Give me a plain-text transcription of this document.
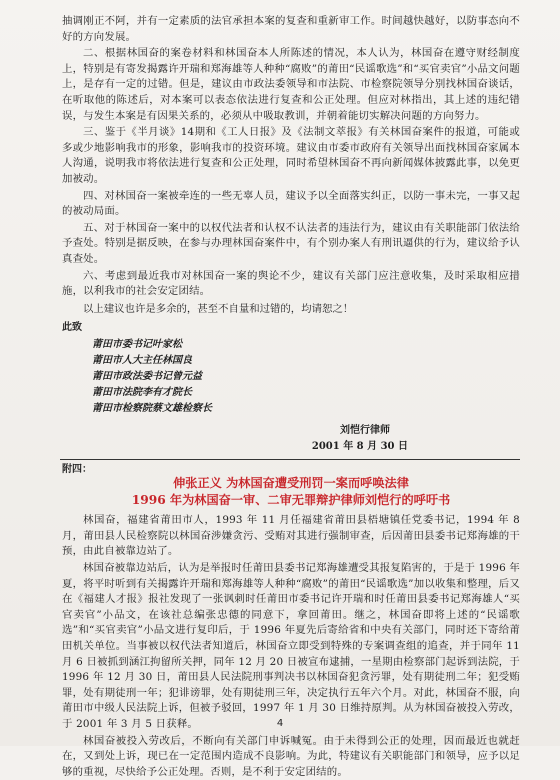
抽调刚正不阿，并有一定素质的法官承担本案的复查和重新审工作。时间越快越好，以防事态向不好的方向发展。

二、根据林国奋的案卷材料和林国奋本人所陈述的情况，本人认为，林国奋在遵守财经制度上，特别是有寄发揭露许开瑞和郑海雄等人种种“腐败”的莆田“民谣歌选”和“买官卖官”小品文问题上，是存有一定的过错。但是，建议由市政法委领导和市法院、市检察院领导分别找林国奋谈话，在听取他的陈述后，对本案可以表态依法进行复查和公正处理。但应对林指出，其上述的违纪错误，与发生本案是有因果关系的，必须从中吸取教训，并朝着能切实解决问题的方向努力。

三、鉴于《半月谈》14期和《工人日报》及《法制文萃报》有关林国奋案件的报道，可能或多或少地影响我市的形象，影响我市的投资环境。建议由市委市政府有关领导出面找林国奋家属本人沟通，说明我市将依法进行复查和公正处理，同时希望林国奋不再向新闻媒体披露此事，以免更加被动。

四、对林国奋一案被牵连的一些无辜人员，建议予以全面落实纠正，以防一事未完，一事又起的被动局面。

五、对于林国奋一案中的以权代法者和认权不认法者的违法行为，建议由有关职能部门依法给予查处。特别是据反映，在参与办理林国奋案件中，有个别办案人有刑讯逼供的行为，建议给予认真查处。

六、考虑到最近我市对林国奋一案的舆论不少，建议有关部门应注意收集，及时采取相应措施，以利我市的社会安定团结。

以上建议也许是多余的，甚至不自量和过错的，均请恕之！

此致

莆田市委书记叶家松

莆田市人大主任林国良

莆田市政法委书记曾元益

莆田市法院李有才院长

莆田市检察院蔡文雄检察长

刘恺行律师

2001 年 8 月 30 日

附四：

伸张正义 为林国奋遭受刑罚一案而呼唤法律

1996 年为林国奋一审、二审无罪辩护律师刘恺行的呼吁书

林国奋，福建省莆田市人，1993 年 11 月任福建省莆田县梧塘镇任党委书记，1994 年 8 月，莆田县人民检察院以林国奋涉嫌贪污、受贿对其进行强制审查，后因莆田县委书记郑海雄的干预，由此自被靠边站了。

林国奋被靠边站后，认为是举报时任莆田县委书记郑海雄遭受其报复陷害的，于是于 1996 年夏，将平时听到有关揭露许开瑞和郑海雄等人种种“腐败”的莆田“民谣歌选”加以收集和整理，后又在《福建人才报》报社发现了一张讽刺时任莆田市委书记许开瑞和时任莆田县委书记郑海雄人“买官卖官”小品文，在该社总编张忠德的同意下，拿回莆田。继之，林国奋即将上述的“民谣歌选”和“买官卖官”小品文进行复印后，于 1996 年夏先后寄给省和中央有关部门，同时还下寄给莆田机关单位。当事被以权代法者知道后，林国奋立即受到特殊的专案调查组的追查，并于同年 11 月 6 日被抓到涵江拘留所关押，同年 12 月 20 日被宣布逮捕，一星期由检察部门起诉到法院，于 1996 年 12 月 30 日，莆田县人民法院刑事判决书以林国奋犯贪污罪，处有期徒刑二年；犯受贿罪，处有期徒刑一年；犯诽谤罪，处有期徒刑三年，决定执行五年六个月。对此，林国奋不服，向莆田市中级人民法院上诉，但被予驳回，1997 年 1 月 30 日维持原判。从为林国奋被投入劳改，于 2001 年 3 月 5 日获释。

林国奋被投入劳改后，不断向有关部门申诉喊冤。由于未得到公正的处理，因而最近也就赶在，又到处上诉，现已在一定范围内造成不良影响。为此，特建议有关职能部门和领导，应予以足够的重视，尽快给予公正处理。否则，是不利于安定团结的。

4
